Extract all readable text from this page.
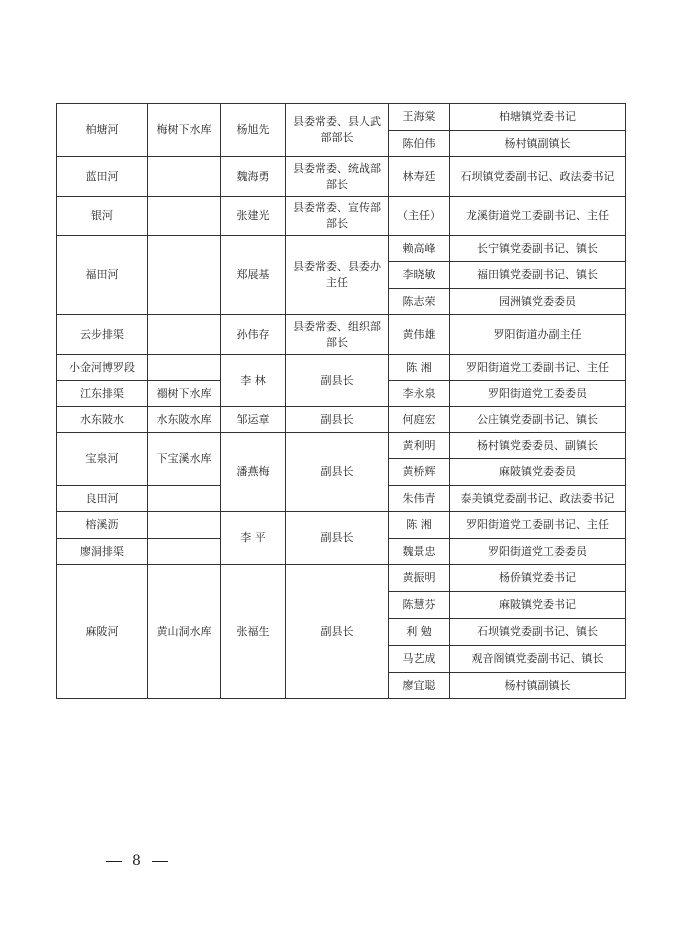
柏塘河	梅树下水库	杨旭先	县委常委、县人武部部长	王海棠	柏塘镇党委书记
				陈伯伟	杨村镇副镇长
蓝田河		魏海勇	县委常委、统战部部长	林寿廷	石坝镇党委副书记、政法委书记
银河		张建光	县委常委、宣传部部长	（主任）	龙溪街道党工委副书记、主任
福田河		郑展基	县委常委、县委办主任	赖高峰	长宁镇党委副书记、镇长
				李晓敏	福田镇党委副书记、镇长
				陈志荣	园洲镇党委委员
云步排渠		孙伟存	县委常委、组织部部长	黄伟雄	罗阳街道办副主任
小金河博罗段		李 林	副县长	陈 湘	罗阳街道党工委副书记、主任
江东排渠	禤树下水库			李永泉	罗阳街道党工委委员
水东陂水	水东陂水库	邹运章	副县长	何庭宏	公庄镇党委副书记、镇长
宝泉河	下宝溪水库	潘燕梅	副县长	黄利明	杨村镇党委委员、副镇长
				黄桥辉	麻陂镇党委委员
良田河				朱伟青	泰美镇党委副书记、政法委书记
榕溪沥		李 平	副县长	陈 湘	罗阳街道党工委副书记、主任
廖洞排渠				魏景忠	罗阳街道党工委委员
麻陂河	黄山洞水库	张福生	副县长	黄振明	杨侨镇党委书记
				陈慧芬	麻陂镇党委书记
				利 勉	石坝镇党委副书记、镇长
				马艺成	观音阁镇党委副书记、镇长
				廖宜聪	杨村镇副镇长
8
